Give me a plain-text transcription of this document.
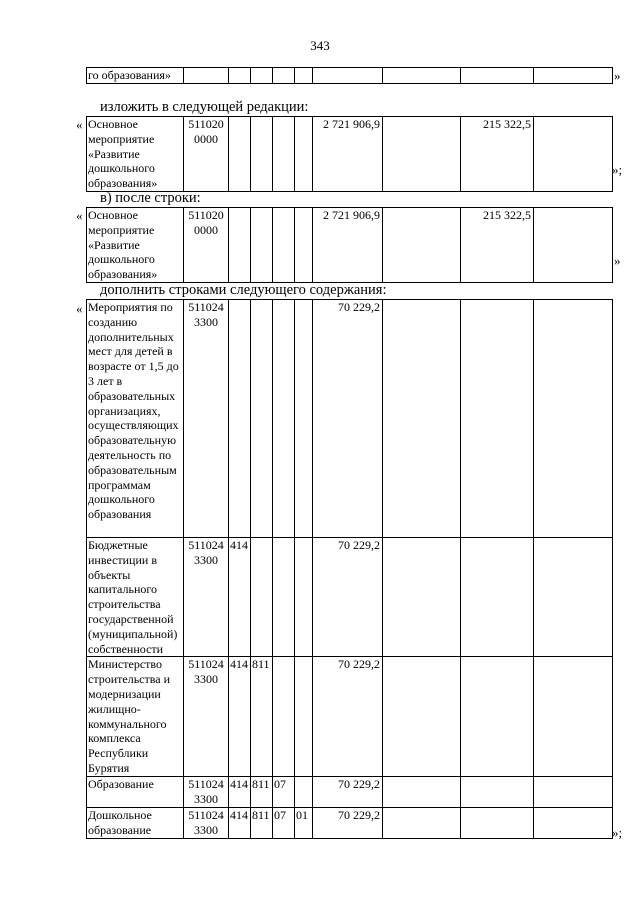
343
го образования»										»
изложить в следующей редакции:
« Основное мероприятие «Развитие дошкольного образования»	511020 0000					2 721 906,9		215 322,5	
»;
в) после строки:
« Основное мероприятие «Развитие дошкольного образования»	511020 0000					2 721 906,9		215 322,5	
»
дополнить строками следующего содержания:
« Мероприятия по созданию дополнительных мест для детей в возрасте от 1,5 до 3 лет в образовательных организациях, осуществляющих образовательную деятельность по образовательным программам дошкольного образования	511024 3300					70 229,2			
Бюджетные инвестиции в объекты капитального строительства государственной (муниципальной) собственности	511024 3300	414				70 229,2			
Министерство строительства и модернизации жилищно-коммунального комплекса Республики Бурятия	511024 3300	414	811			70 229,2			
Образование	511024 3300	414	811	07		70 229,2			
Дошкольное образование	511024 3300	414	811	07	01	70 229,2			
»;
